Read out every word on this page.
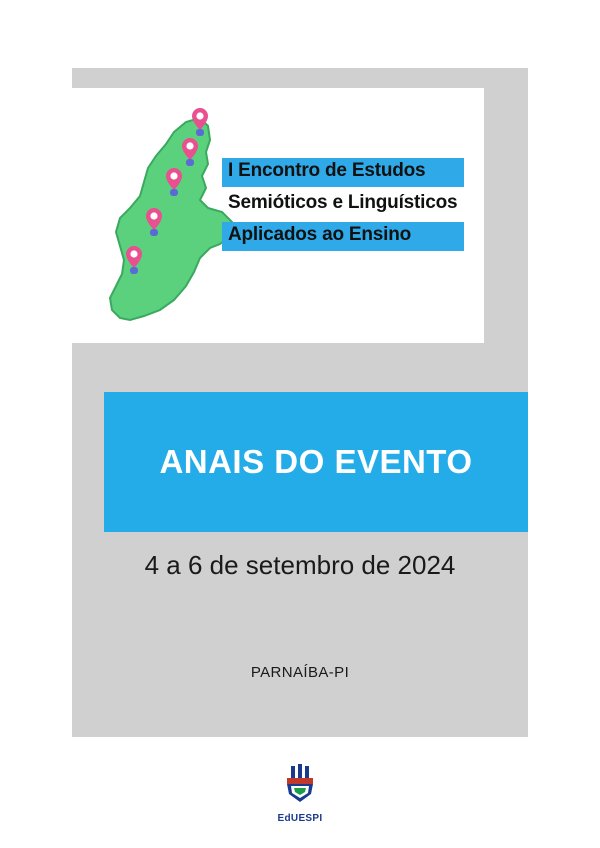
I Encontro de Estudos
Semióticos e Linguísticos
Aplicados ao Ensino
ANAIS DO EVENTO
4 a 6 de setembro de 2024
PARNAÍBA-PI
EdUESPI
